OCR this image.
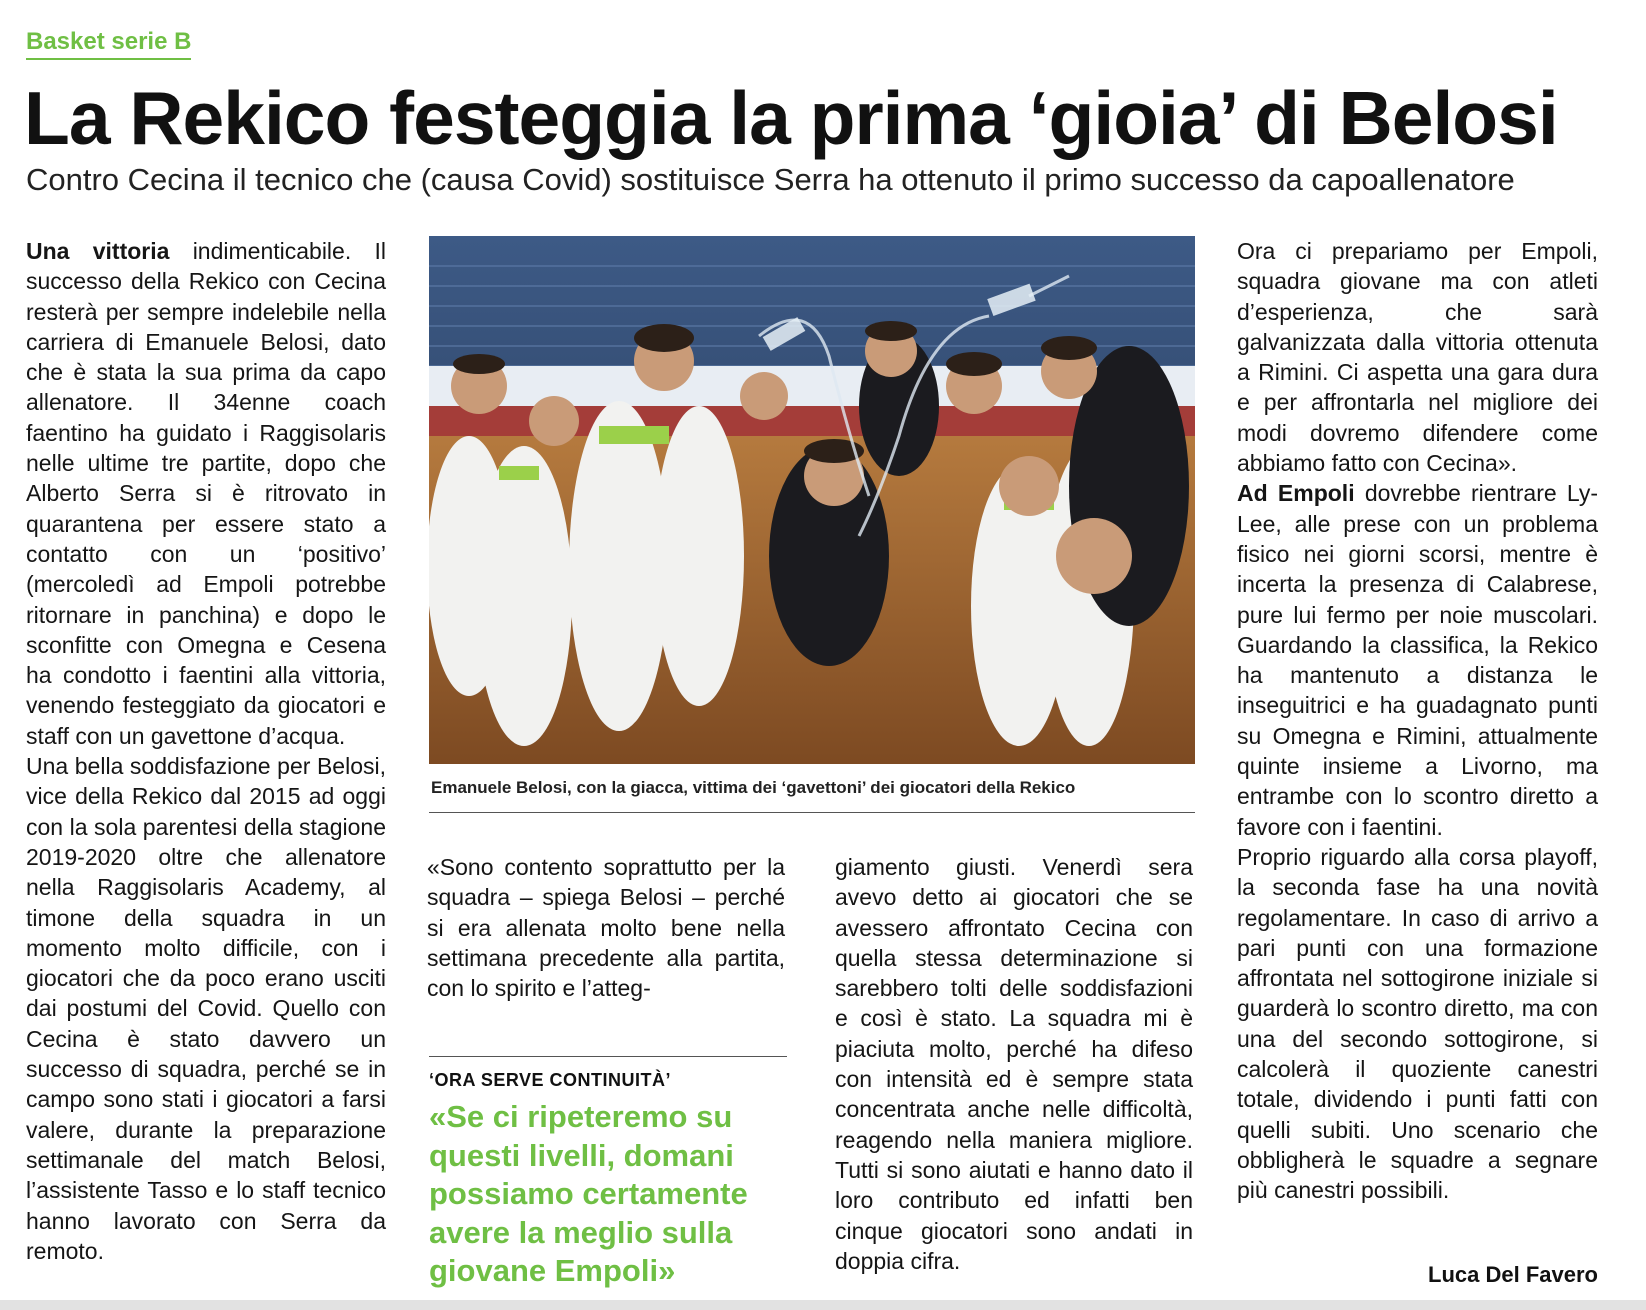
Basket serie B
La Rekico festeggia la prima ‘gioia’ di Belosi
Contro Cecina il tecnico che (causa Covid) sostituisce Serra ha ottenuto il primo successo da capoallenatore

Una vittoria indimenticabile. Il successo della Rekico con Cecina resterà per sempre indelebile nella carriera di Emanuele Belosi, dato che è stata la sua prima da capo allenatore. Il 34enne coach faentino ha guidato i Raggisolaris nelle ultime tre partite, dopo che Alberto Serra si è ritrovato in quarantena per essere stato a contatto con un ‘positivo’ (mercoledì ad Empoli potrebbe ritornare in panchina) e dopo le sconfitte con Omegna e Cesena ha condotto i faentini alla vittoria, venendo festeggiato da giocatori e staff con un gavettone d’acqua.

Una bella soddisfazione per Belosi, vice della Rekico dal 2015 ad oggi con la sola parentesi della stagione 2019-2020 oltre che allenatore nella Raggisolaris Academy, al timone della squadra in un momento molto difficile, con i giocatori che da poco erano usciti dai postumi del Covid. Quello con Cecina è stato davvero un successo di squadra, perché se in campo sono stati i giocatori a farsi valere, durante la preparazione settimanale del match Belosi, l’assistente Tasso e lo staff tecnico hanno lavorato con Serra da remoto.

Emanuele Belosi, con la giacca, vittima dei ‘gavettoni’ dei giocatori della Rekico

«Sono contento soprattutto per la squadra – spiega Belosi – perché si era allenata molto bene nella settimana precedente alla partita, con lo spirito e l’atteg-

‘ORA SERVE CONTINUITÀ’
«Se ci ripeteremo su questi livelli, domani possiamo certamente avere la meglio sulla giovane Empoli»

giamento giusti. Venerdì sera avevo detto ai giocatori che se avessero affrontato Cecina con quella stessa determinazione si sarebbero tolti delle soddisfazioni e così è stato. La squadra mi è piaciuta molto, perché ha difeso con intensità ed è sempre stata concentrata anche nelle difficoltà, reagendo nella maniera migliore. Tutti si sono aiutati e hanno dato il loro contributo ed infatti ben cinque giocatori sono andati in doppia cifra.

Ora ci prepariamo per Empoli, squadra giovane ma con atleti d’esperienza, che sarà galvanizzata dalla vittoria ottenuta a Rimini. Ci aspetta una gara dura e per affrontarla nel migliore dei modi dovremo difendere come abbiamo fatto con Cecina».

Ad Empoli dovrebbe rientrare Ly-Lee, alle prese con un problema fisico nei giorni scorsi, mentre è incerta la presenza di Calabrese, pure lui fermo per noie muscolari. Guardando la classifica, la Rekico ha mantenuto a distanza le inseguitrici e ha guadagnato punti su Omegna e Rimini, attualmente quinte insieme a Livorno, ma entrambe con lo scontro diretto a favore con i faentini.

Proprio riguardo alla corsa playoff, la seconda fase ha una novità regolamentare. In caso di arrivo a pari punti con una formazione affrontata nel sottogirone iniziale si guarderà lo scontro diretto, ma con una del secondo sottogirone, si calcolerà il quoziente canestri totale, dividendo i punti fatti con quelli subiti. Uno scenario che obbligherà le squadre a segnare più canestri possibili.

Luca Del Favero
